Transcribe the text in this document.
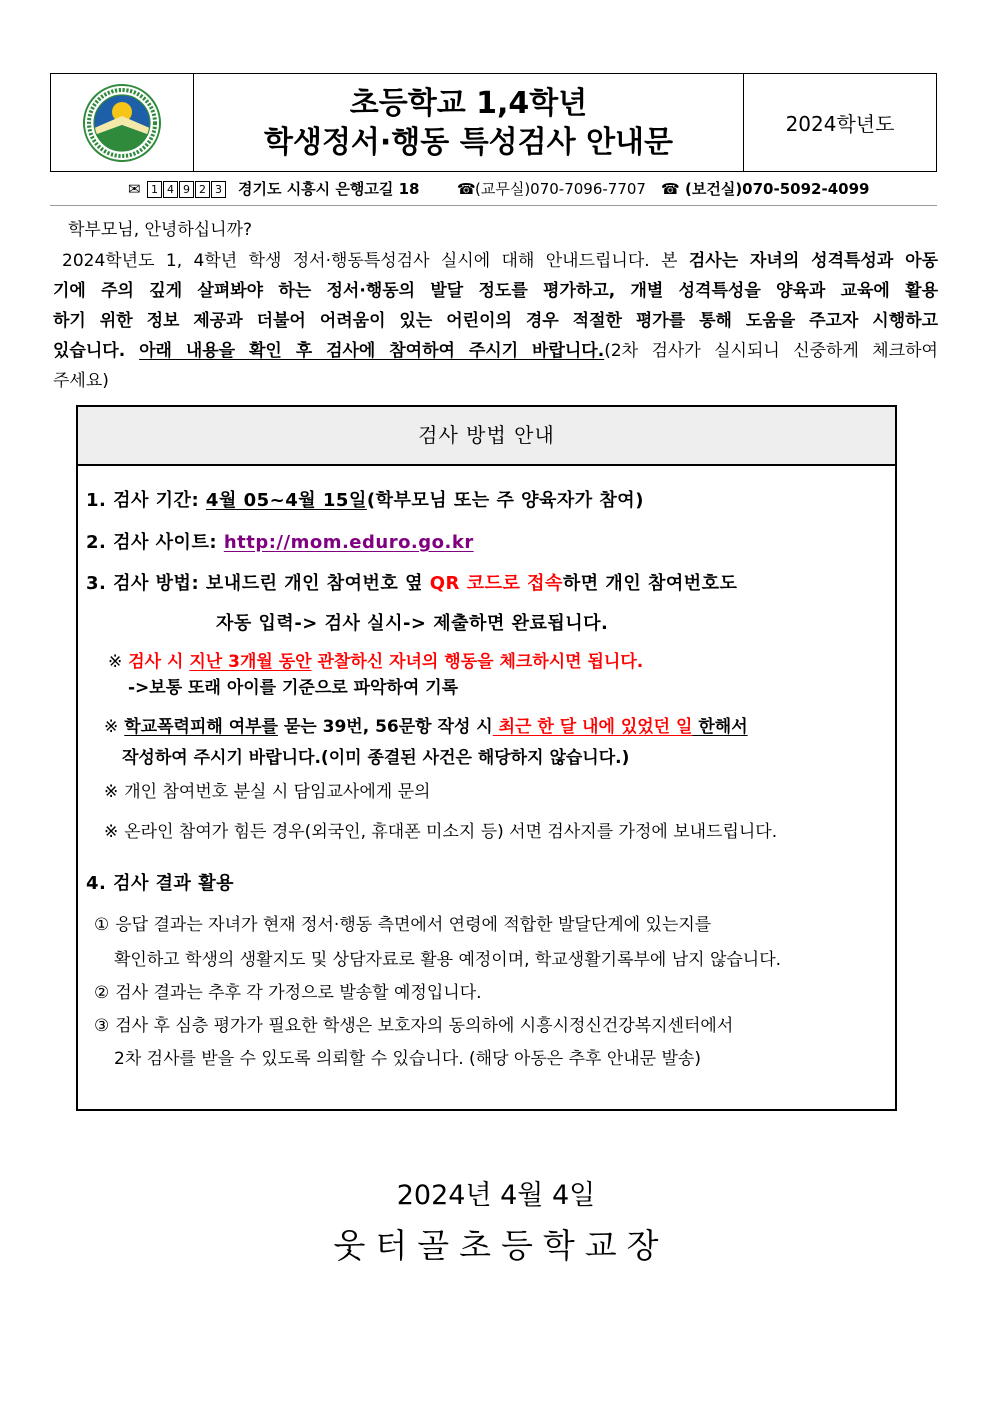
초등학교 1,4학년
학생정서·행동 특성검사 안내문
2024학년도
✉
1 4 9 2 3	경기도 시흥시 은행고길 18 ☎	(교무실)070-7096-7707 ☎	(보건실)070-5092-4099
학부모님, 안녕하십니까?
2024학년도 1, 4학년 학생 정서·행동특성검사 실시에 대해 안내드립니다. 본 검사는 자녀의 성격특성과 아동
기에 주의 깊게 살펴봐야 하는 정서·행동의 발달 정도를 평가하고, 개별 성격특성을 양육과 교육에 활용
하기 위한 정보 제공과 더불어 어려움이 있는 어린이의 경우 적절한 평가를 통해 도움을 주고자 시행하고
있습니다. 아래 내용을 확인 후 검사에 참여하여 주시기 바랍니다.(2차 검사가 실시되니 신중하게 체크하여
주세요)
검사 방법 안내
1. 검사 기간: 4월 05~4월 15일(학부모님 또는 주 양육자가 참여)
2. 검사 사이트: http://mom.eduro.go.kr
3. 검사 방법: 보내드린 개인 참여번호 옆 QR 코드로 접속하면 개인 참여번호도
자동 입력-> 검사 실시-> 제출하면 완료됩니다.
※ 검사 시 지난 3개월 동안 관찰하신 자녀의 행동을 체크하시면 됩니다.
->보통 또래 아이를 기준으로 파악하여 기록
※ 학교폭력피해 여부를 묻는 39번, 56문항 작성 시 최근 한 달 내에 있었던 일 한해서
작성하여 주시기 바랍니다.(이미 종결된 사건은 해당하지 않습니다.)
※ 개인 참여번호 분실 시 담임교사에게 문의
※ 온라인 참여가 힘든 경우(외국인, 휴대폰 미소지 등) 서면 검사지를 가정에 보내드립니다.
4. 검사 결과 활용
① 응답 결과는 자녀가 현재 정서·행동 측면에서 연령에 적합한 발달단계에 있는지를
확인하고 학생의 생활지도 및 상담자료로 활용 예정이며, 학교생활기록부에 남지 않습니다.
② 검사 결과는 추후 각 가정으로 발송할 예정입니다.
③ 검사 후 심층 평가가 필요한 학생은 보호자의 동의하에 시흥시정신건강복지센터에서
2차 검사를 받을 수 있도록 의뢰할 수 있습니다. (해당 아동은 추후 안내문 발송)
2024년 4월 4일
웃터골초등학교장
